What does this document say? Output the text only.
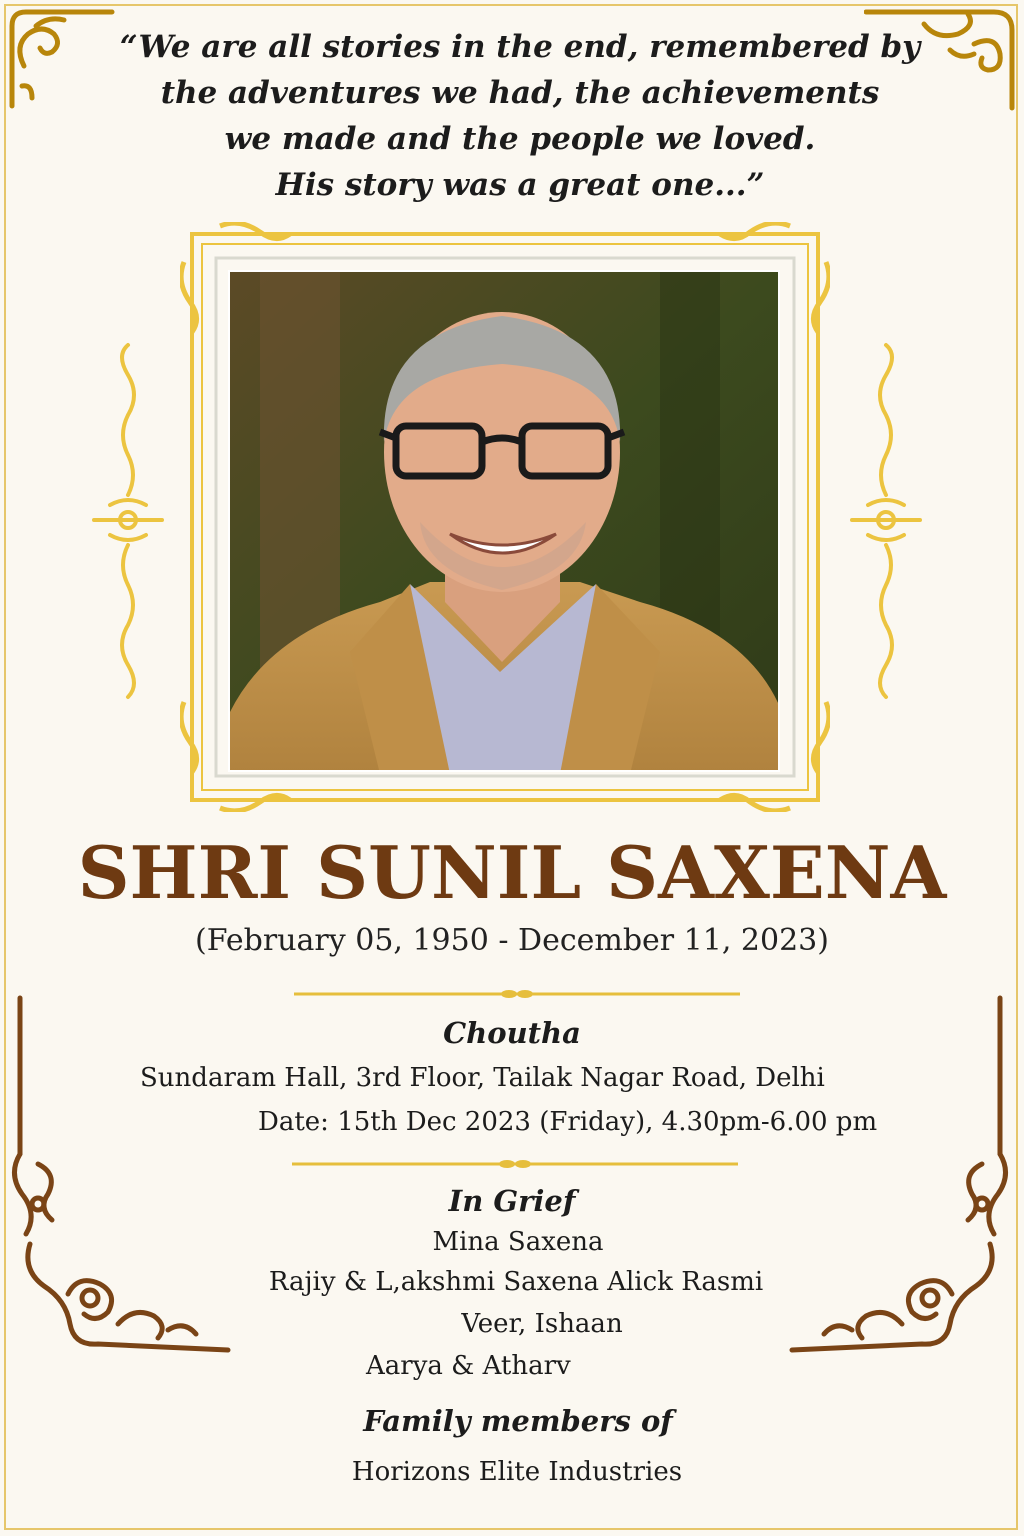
“We are all stories in the end, remembered by
the adventures we had, the achievements
we made and the people we loved.
His story was a great one...”
SHRI SUNIL SAXENA
(February 05, 1950 - December 11, 2023)
Choutha
Sundaram Hall, 3rd Floor, Tailak Nagar Road, Delhi
Date: 15th Dec 2023 (Friday), 4.30pm-6.00 pm
In Grief
Mina Saxena
Rajiy & L,akshmi Saxena Alick Rasmi
Veer, Ishaan
Aarya & Atharv
Family members of
Horizons Elite Industries
